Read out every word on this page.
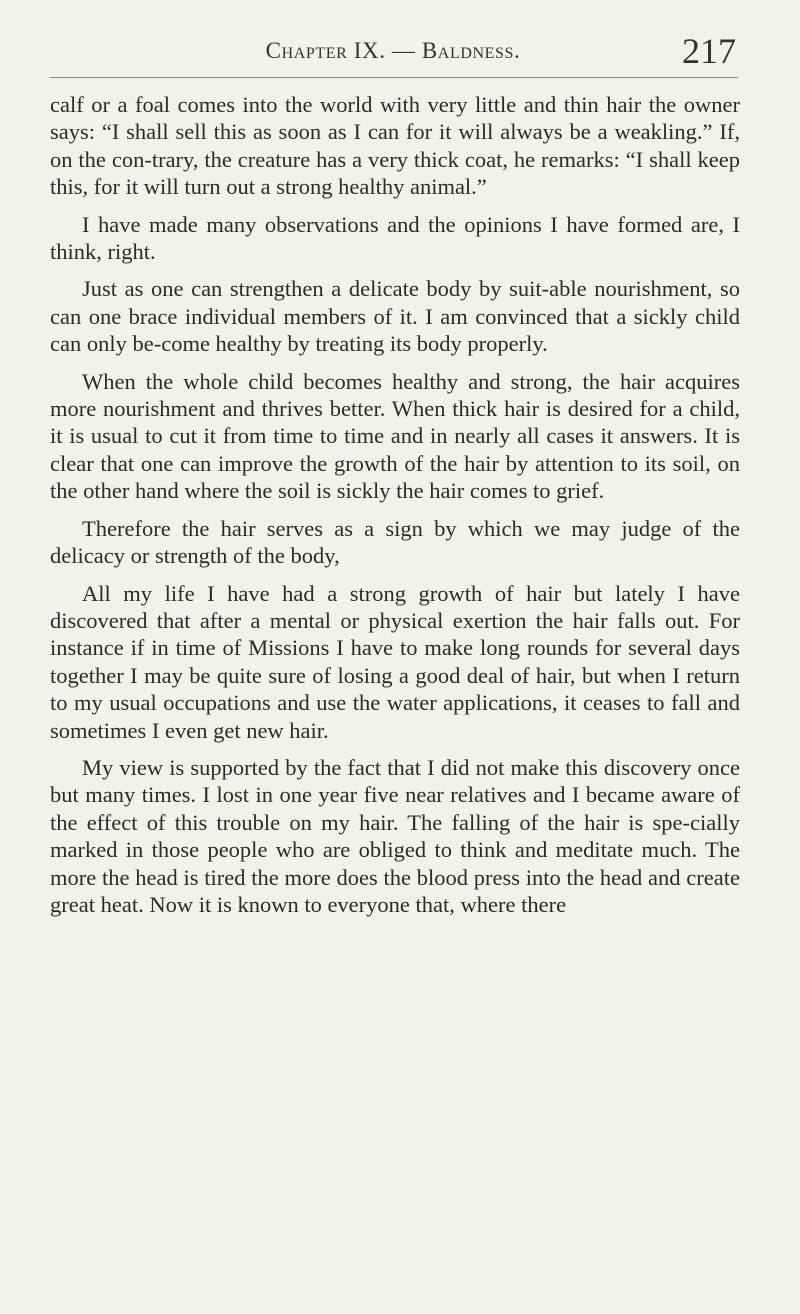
Chapter IX. — Baldness.	217

calf or a foal comes into the world with very little and thin hair the owner says: “I shall sell this as soon as I can for it will always be a weakling.” If, on the con-trary, the creature has a very thick coat, he remarks: “I shall keep this, for it will turn out a strong healthy animal.”

I have made many observations and the opinions I have formed are, I think, right.

Just as one can strengthen a delicate body by suit-able nourishment, so can one brace individual members of it. I am convinced that a sickly child can only be-come healthy by treating its body properly.

When the whole child becomes healthy and strong, the hair acquires more nourishment and thrives better. When thick hair is desired for a child, it is usual to cut it from time to time and in nearly all cases it answers. It is clear that one can improve the growth of the hair by attention to its soil, on the other hand where the soil is sickly the hair comes to grief.

Therefore the hair serves as a sign by which we may judge of the delicacy or strength of the body,

All my life I have had a strong growth of hair but lately I have discovered that after a mental or physical exertion the hair falls out. For instance if in time of Missions I have to make long rounds for several days together I may be quite sure of losing a good deal of hair, but when I return to my usual occupations and use the water applications, it ceases to fall and sometimes I even get new hair.

My view is supported by the fact that I did not make this discovery once but many times. I lost in one year five near relatives and I became aware of the effect of this trouble on my hair. The falling of the hair is spe-cially marked in those people who are obliged to think and meditate much. The more the head is tired the more does the blood press into the head and create great heat. Now it is known to everyone that, where there
